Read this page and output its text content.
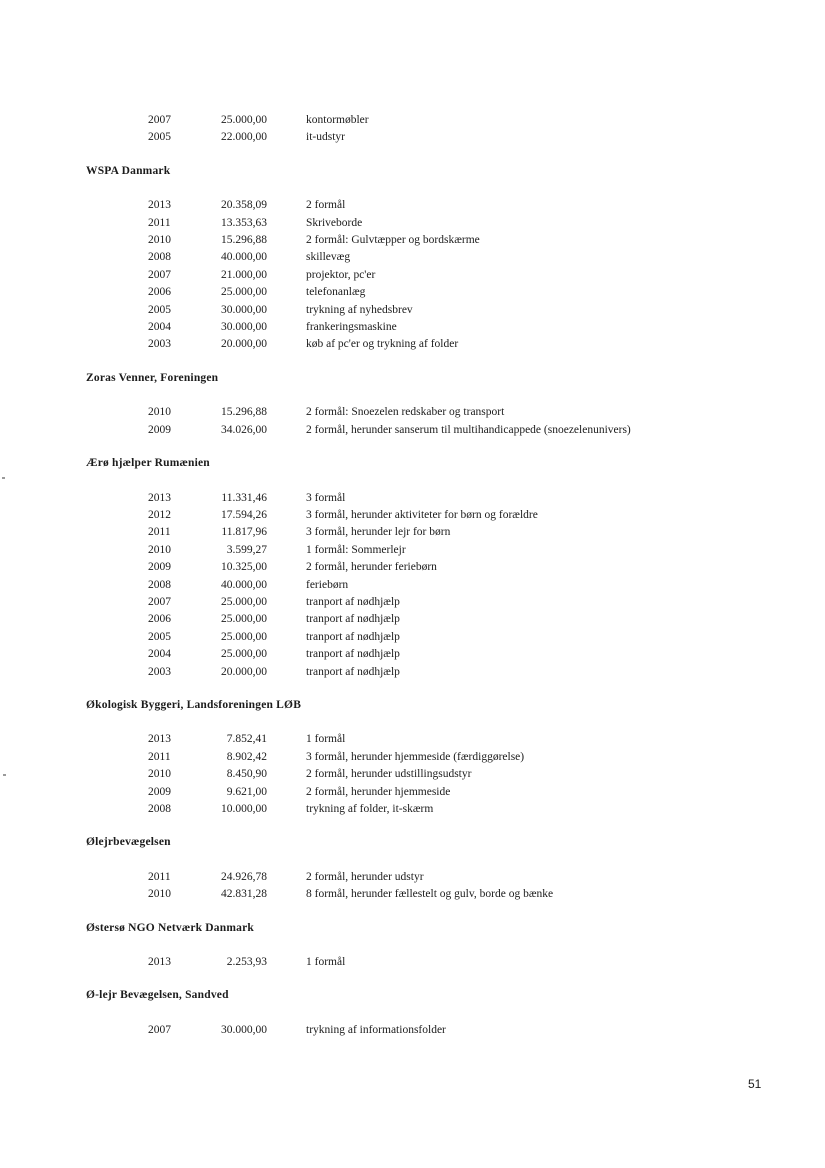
2007	25.000,00	kontormøbler
2005	22.000,00	it-udstyr
WSPA Danmark
2013	20.358,09	2 formål
2011	13.353,63	Skriveborde
2010	15.296,88	2 formål: Gulvtæpper og bordskærme
2008	40.000,00	skillevæg
2007	21.000,00	projektor, pc'er
2006	25.000,00	telefonanlæg
2005	30.000,00	trykning af nyhedsbrev
2004	30.000,00	frankeringsmaskine
2003	20.000,00	køb af pc'er og trykning af folder
Zoras Venner, Foreningen
2010	15.296,88	2 formål: Snoezelen redskaber og transport
2009	34.026,00	2 formål, herunder sanserum til multihandicappede (snoezelenunivers)
Ærø hjælper Rumænien
2013	11.331,46	3 formål
2012	17.594,26	3 formål, herunder aktiviteter for børn og forældre
2011	11.817,96	3 formål, herunder lejr for børn
2010	3.599,27	1 formål: Sommerlejr
2009	10.325,00	2 formål, herunder feriebørn
2008	40.000,00	feriebørn
2007	25.000,00	tranport af nødhjælp
2006	25.000,00	tranport af nødhjælp
2005	25.000,00	tranport af nødhjælp
2004	25.000,00	tranport af nødhjælp
2003	20.000,00	tranport af nødhjælp
Økologisk Byggeri, Landsforeningen LØB
2013	7.852,41	1 formål
2011	8.902,42	3 formål, herunder hjemmeside (færdiggørelse)
2010	8.450,90	2 formål, herunder udstillingsudstyr
2009	9.621,00	2 formål, herunder hjemmeside
2008	10.000,00	trykning af folder, it-skærm
Ølejrbevægelsen
2011	24.926,78	2 formål, herunder udstyr
2010	42.831,28	8 formål, herunder fællestelt og gulv, borde og bænke
Østersø NGO Netværk Danmark
2013	2.253,93	1 formål
Ø-lejr Bevægelsen, Sandved
2007	30.000,00	trykning af informationsfolder
51
